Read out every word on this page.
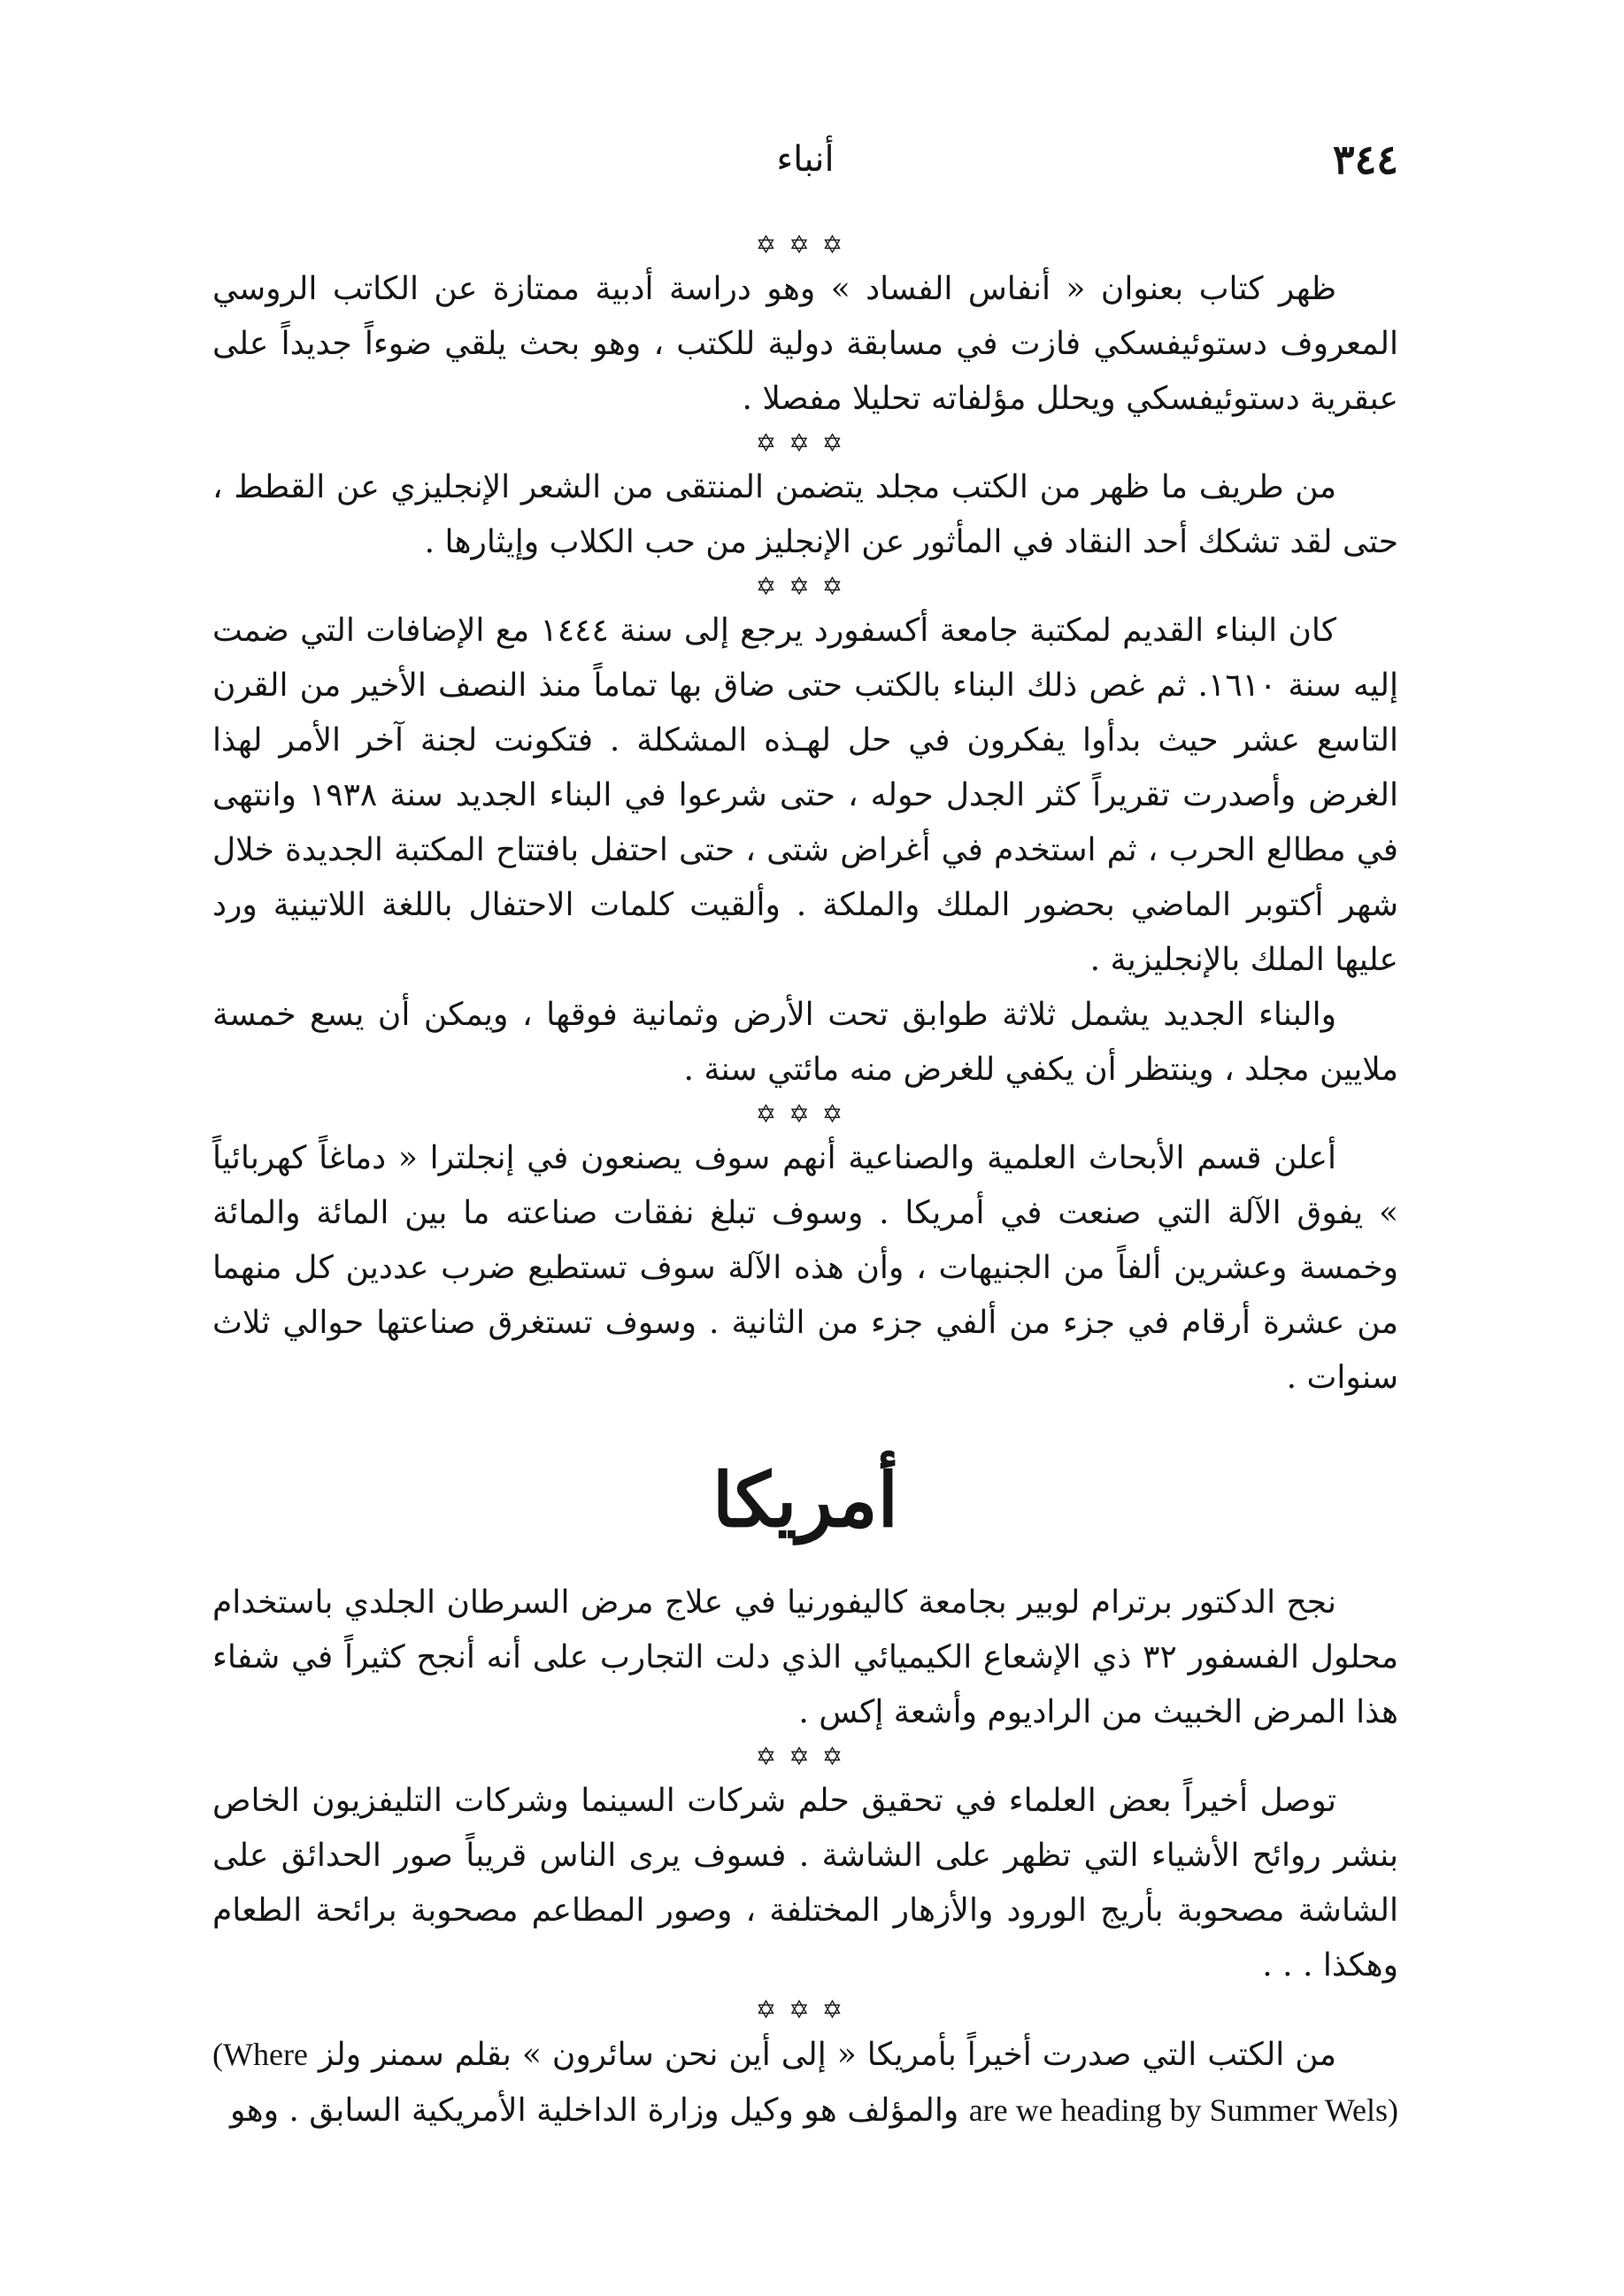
٣٤٤
أنباء
✡✡✡

ظهر كتاب بعنوان « أنفاس الفساد » وهو دراسة أدبية ممتازة عن الكاتب الروسي المعروف دستوئيفسكي فازت في مسابقة دولية للكتب ، وهو بحث يلقي ضوءاً جديداً على عبقرية دستوئيفسكي ويحلل مؤلفاته تحليلا مفصلا .

✡✡✡

من طريف ما ظهر من الكتب مجلد يتضمن المنتقى من الشعر الإنجليزي عن القطط ، حتى لقد تشكك أحد النقاد في المأثور عن الإنجليز من حب الكلاب وإيثارها .

✡✡✡

كان البناء القديم لمكتبة جامعة أكسفورد يرجع إلى سنة ١٤٤٤ مع الإضافات التي ضمت إليه سنة ١٦١٠. ثم غص ذلك البناء بالكتب حتى ضاق بها تماماً منذ النصف الأخير من القرن التاسع عشر حيث بدأوا يفكرون في حل لهـذه المشكلة . فتكونت لجنة آخر الأمر لهذا الغرض وأصدرت تقريراً كثر الجدل حوله ، حتى شرعوا في البناء الجديد سنة ١٩٣٨ وانتهى في مطالع الحرب ، ثم استخدم في أغراض شتى ، حتى احتفل بافتتاح المكتبة الجديدة خلال شهر أكتوبر الماضي بحضور الملك والملكة . وألقيت كلمات الاحتفال باللغة اللاتينية ورد عليها الملك بالإنجليزية .

والبناء الجديد يشمل ثلاثة طوابق تحت الأرض وثمانية فوقها ، ويمكن أن يسع خمسة ملايين مجلد ، وينتظر أن يكفي للغرض منه مائتي سنة .

✡✡✡

أعلن قسم الأبحاث العلمية والصناعية أنهم سوف يصنعون في إنجلترا « دماغاً كهربائياً » يفوق الآلة التي صنعت في أمريكا . وسوف تبلغ نفقات صناعته ما بين المائة والمائة وخمسة وعشرين ألفاً من الجنيهات ، وأن هذه الآلة سوف تستطيع ضرب عددين كل منهما من عشرة أرقام في جزء من ألفي جزء من الثانية . وسوف تستغرق صناعتها حوالي ثلاث سنوات .

أمريكا

نجح الدكتور برترام لوبير بجامعة كاليفورنيا في علاج مرض السرطان الجلدي باستخدام محلول الفسفور ٣٢ ذي الإشعاع الكيميائي الذي دلت التجارب على أنه أنجح كثيراً في شفاء هذا المرض الخبيث من الراديوم وأشعة إكس .

✡✡✡

توصل أخيراً بعض العلماء في تحقيق حلم شركات السينما وشركات التليفزيون الخاص بنشر روائح الأشياء التي تظهر على الشاشة . فسوف يرى الناس قريباً صور الحدائق على الشاشة مصحوبة بأريج الورود والأزهار المختلفة ، وصور المطاعم مصحوبة برائحة الطعام وهكذا . . .

✡✡✡

من الكتب التي صدرت أخيراً بأمريكا « إلى أين نحن سائرون » بقلم سمنر ولز (Where are we heading by Summer Wels) والمؤلف هو وكيل وزارة الداخلية الأمريكية السابق . وهو
